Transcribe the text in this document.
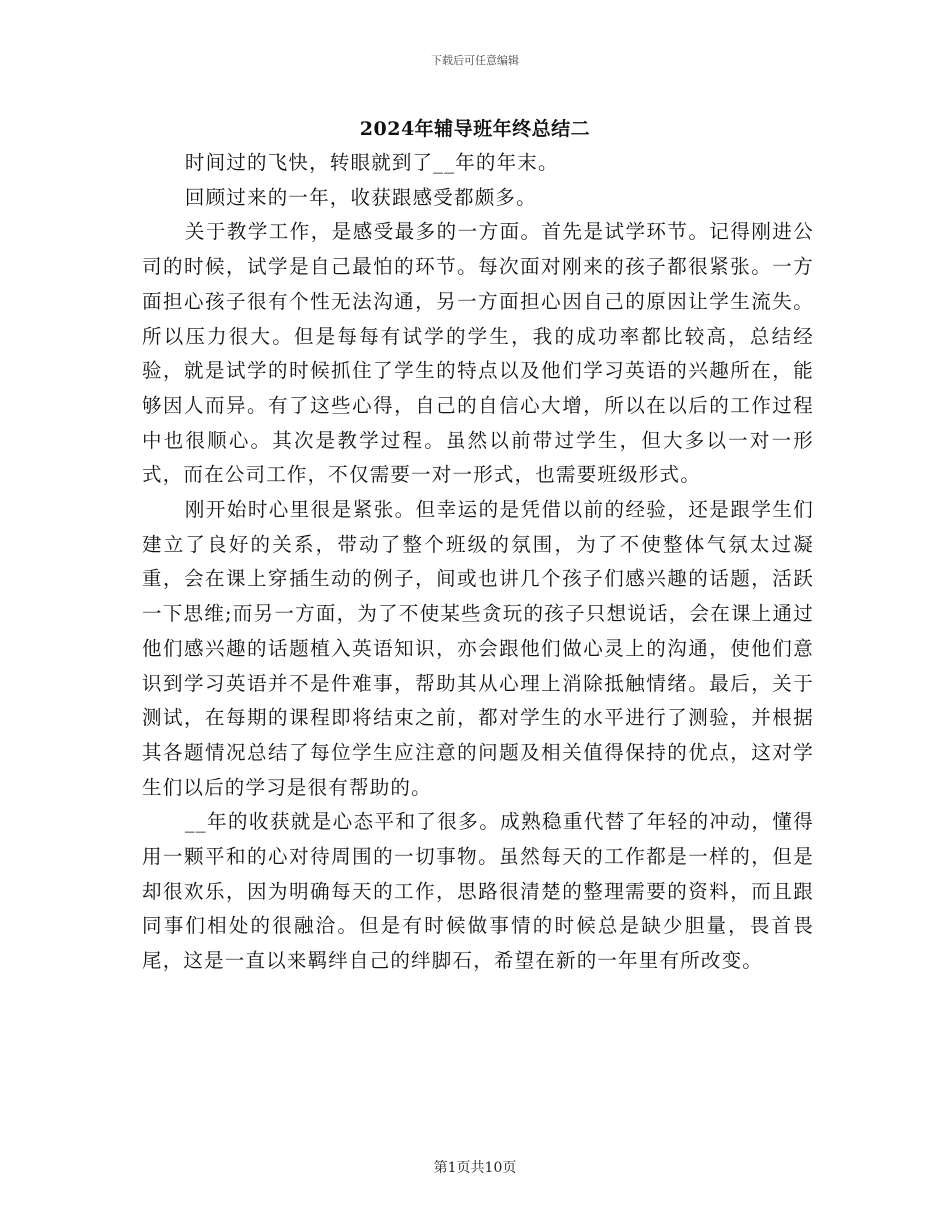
下载后可任意编辑
2024年辅导班年终总结二

时间过的飞快，转眼就到了__年的年末。

回顾过来的一年，收获跟感受都颇多。

关于教学工作，是感受最多的一方面。首先是试学环节。记得刚进公司的时候，试学是自己最怕的环节。每次面对刚来的孩子都很紧张。一方面担心孩子很有个性无法沟通，另一方面担心因自己的原因让学生流失。所以压力很大。但是每每有试学的学生，我的成功率都比较高，总结经验，就是试学的时候抓住了学生的特点以及他们学习英语的兴趣所在，能够因人而异。有了这些心得，自己的自信心大增，所以在以后的工作过程中也很顺心。其次是教学过程。虽然以前带过学生，但大多以一对一形式，而在公司工作，不仅需要一对一形式，也需要班级形式。

刚开始时心里很是紧张。但幸运的是凭借以前的经验，还是跟学生们建立了良好的关系，带动了整个班级的氛围，为了不使整体气氛太过凝重，会在课上穿插生动的例子，间或也讲几个孩子们感兴趣的话题，活跃一下思维;而另一方面，为了不使某些贪玩的孩子只想说话，会在课上通过他们感兴趣的话题植入英语知识，亦会跟他们做心灵上的沟通，使他们意识到学习英语并不是件难事，帮助其从心理上消除抵触情绪。最后，关于测试，在每期的课程即将结束之前，都对学生的水平进行了测验，并根据其各题情况总结了每位学生应注意的问题及相关值得保持的优点，这对学生们以后的学习是很有帮助的。

__年的收获就是心态平和了很多。成熟稳重代替了年轻的冲动，懂得用一颗平和的心对待周围的一切事物。虽然每天的工作都是一样的，但是却很欢乐，因为明确每天的工作，思路很清楚的整理需要的资料，而且跟同事们相处的很融洽。但是有时候做事情的时候总是缺少胆量，畏首畏尾，这是一直以来羁绊自己的绊脚石，希望在新的一年里有所改变。

第1页共10页
